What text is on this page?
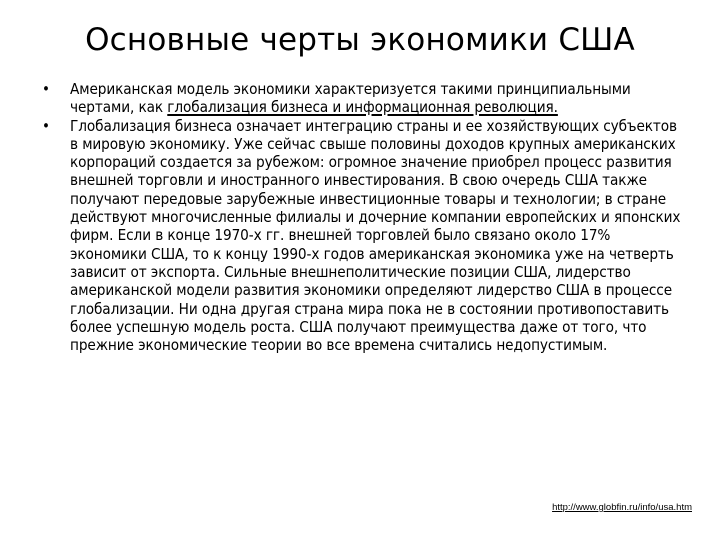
Основные черты экономики США
• Американская модель экономики характеризуется такими принципиальными чертами, как глобализация бизнеса и информационная революция.
• Глобализация бизнеса означает интеграцию страны и ее хозяйствующих субъектов в мировую экономику. Уже сейчас свыше половины доходов крупных американских корпораций создается за рубежом: огромное значение приобрел процесс развития внешней торговли и иностранного инвестирования. В свою очередь США также получают передовые зарубежные инвестиционные товары и технологии; в стране действуют многочисленные филиалы и дочерние компании европейских и японских фирм. Если в конце 1970-х гг. внешней торговлей было связано около 17% экономики США, то к концу 1990-х годов американская экономика уже на четверть зависит от экспорта. Сильные внешнеполитические позиции США, лидерство американской модели развития экономики определяют лидерство США в процессе глобализации. Ни одна другая страна мира пока не в состоянии противопоставить более успешную модель роста. США получают преимущества даже от того, что прежние экономические теории во все времена считались недопустимым.
http://www.globfin.ru/info/usa.htm
